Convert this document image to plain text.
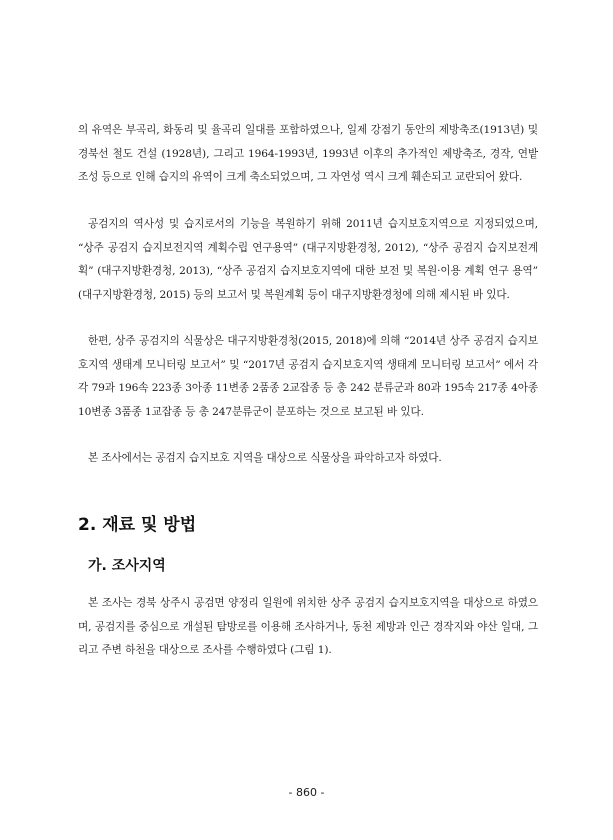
의 유역은 부곡리, 화동리 및 율곡리 일대를 포함하였으나, 일제 강점기 동안의 제방축조(1913년) 및 경북선 철도 건설 (1928년), 그리고 1964-1993년, 1993년 이후의 추가적인 제방축조, 경작, 연밭 조성 등으로 인해 습지의 유역이 크게 축소되었으며, 그 자연성 역시 크게 훼손되고 교란되어 왔다.

공검지의 역사성 및 습지로서의 기능을 복원하기 위해 2011년 습지보호지역으로 지정되었으며, “상주 공검지 습지보전지역 계획수립 연구용역” (대구지방환경청, 2012), “상주 공검지 습지보전계획” (대구지방환경청, 2013), “상주 공검지 습지보호지역에 대한 보전 및 복원·이용 계획 연구 용역” (대구지방환경청, 2015) 등의 보고서 및 복원계획 등이 대구지방환경청에 의해 제시된 바 있다.

한편, 상주 공검지의 식물상은 대구지방환경청(2015, 2018)에 의해 “2014년 상주 공검지 습지보호지역 생태계 모니터링 보고서” 및 “2017년 공검지 습지보호지역 생태계 모니터링 보고서” 에서 각각 79과 196속 223종 3아종 11변종 2품종 2교잡종 등 총 242 분류군과 80과 195속 217종 4아종 10변종 3품종 1교잡종 등 총 247분류군이 분포하는 것으로 보고된 바 있다.

본 조사에서는 공검지 습지보호 지역을 대상으로 식물상을 파악하고자 하였다.

2. 재료 및 방법
가. 조사지역

본 조사는 경북 상주시 공검면 양정리 일원에 위치한 상주 공검지 습지보호지역을 대상으로 하였으며, 공검지를 중심으로 개설된 탐방로를 이용해 조사하거나, 동천 제방과 인근 경작지와 야산 일대, 그리고 주변 하천을 대상으로 조사를 수행하였다 (그림 1).

- 860 -
